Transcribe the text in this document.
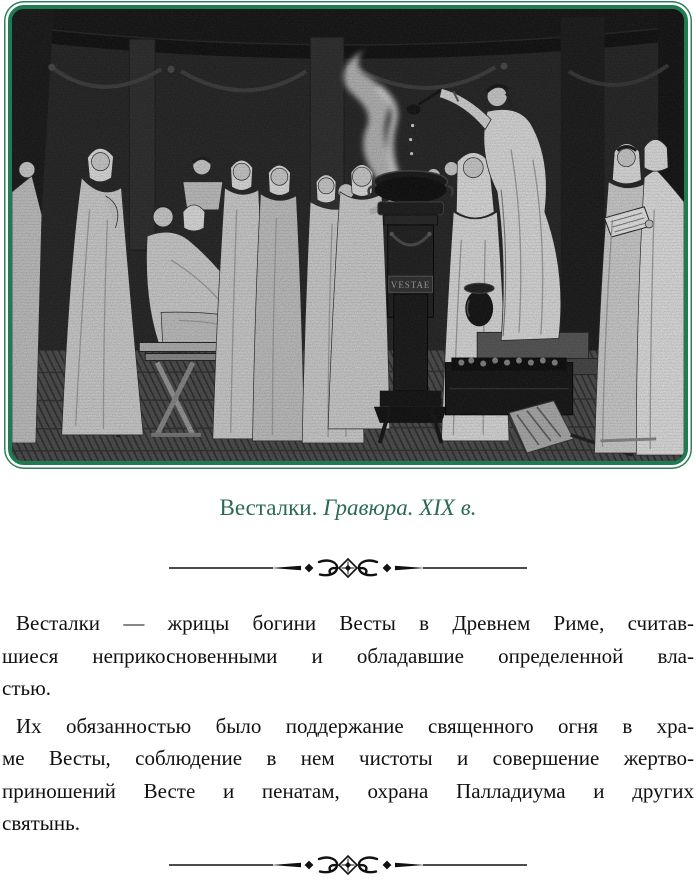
VESTAE
Весталки. Гравюра. XIX в.
Весталки — жрицы богини Весты в Древнем Риме, считав-
шиеся неприкосновенными и обладавшие определенной вла-
стью.
Их обязанностью было поддержание священного огня в хра-
ме Весты, соблюдение в нем чистоты и совершение жертво-
приношений Весте и пенатам, охрана Палладиума и других
святынь.
